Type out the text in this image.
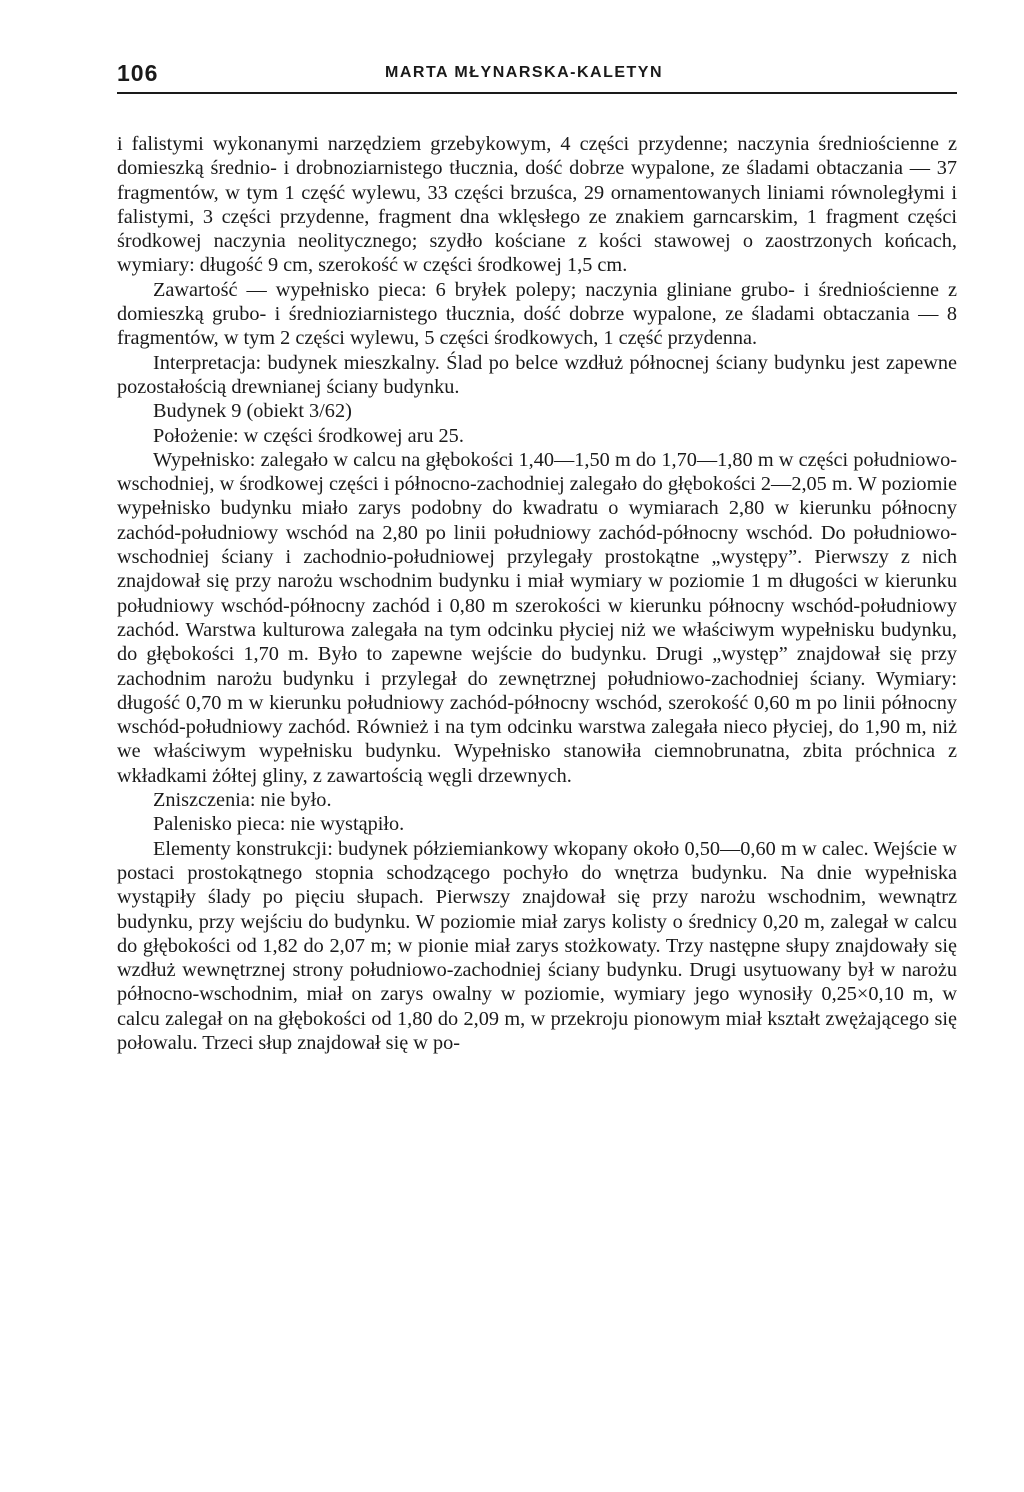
106	MARTA MŁYNARSKA-KALETYN

i falistymi wykonanymi narzędziem grzebykowym, 4 części przydenne; naczynia średniościenne z domieszką średnio- i drobnoziarnistego tłucznia, dość dobrze wypalone, ze śladami obtaczania — 37 fragmentów, w tym 1 część wylewu, 33 części brzuśca, 29 ornamentowanych liniami równoległymi i falistymi, 3 części przydenne, fragment dna wklęsłego ze znakiem garncarskim, 1 fragment części środkowej naczynia neolitycznego; szydło kościane z kości stawowej o zaostrzonych końcach, wymiary: długość 9 cm, szerokość w części środkowej 1,5 cm.

Zawartość — wypełnisko pieca: 6 bryłek polepy; naczynia gliniane grubo- i średniościenne z domieszką grubo- i średnioziarnistego tłucznia, dość dobrze wypalone, ze śladami obtaczania — 8 fragmentów, w tym 2 części wylewu, 5 części środkowych, 1 część przydenna.

Interpretacja: budynek mieszkalny. Ślad po belce wzdłuż północnej ściany budynku jest zapewne pozostałością drewnianej ściany budynku.

Budynek 9 (obiekt 3/62)

Położenie: w części środkowej aru 25.

Wypełnisko: zalegało w calcu na głębokości 1,40—1,50 m do 1,70—1,80 m w części południowo-wschodniej, w środkowej części i północno-zachodniej zalegało do głębokości 2—2,05 m. W poziomie wypełnisko budynku miało zarys podobny do kwadratu o wymiarach 2,80 w kierunku północny zachód-południowy wschód na 2,80 po linii południowy zachód-północny wschód. Do południowo-wschodniej ściany i zachodnio-południowej przylegały prostokątne „występy”. Pierwszy z nich znajdował się przy narożu wschodnim budynku i miał wymiary w poziomie 1 m długości w kierunku południowy wschód-północny zachód i 0,80 m szerokości w kierunku północny wschód-południowy zachód. Warstwa kulturowa zalegała na tym odcinku płyciej niż we właściwym wypełnisku budynku, do głębokości 1,70 m. Było to zapewne wejście do budynku. Drugi „występ” znajdował się przy zachodnim narożu budynku i przylegał do zewnętrznej południowo-zachodniej ściany. Wymiary: długość 0,70 m w kierunku południowy zachód-północny wschód, szerokość 0,60 m po linii północny wschód-południowy zachód. Również i na tym odcinku warstwa zalegała nieco płyciej, do 1,90 m, niż we właściwym wypełnisku budynku. Wypełnisko stanowiła ciemnobrunatna, zbita próchnica z wkładkami żółtej gliny, z zawartością węgli drzewnych.

Zniszczenia: nie było.

Palenisko pieca: nie wystąpiło.

Elementy konstrukcji: budynek półziemiankowy wkopany około 0,50—0,60 m w calec. Wejście w postaci prostokątnego stopnia schodzącego pochyło do wnętrza budynku. Na dnie wypełniska wystąpiły ślady po pięciu słupach. Pierwszy znajdował się przy narożu wschodnim, wewnątrz budynku, przy wejściu do budynku. W poziomie miał zarys kolisty o średnicy 0,20 m, zalegał w calcu do głębokości od 1,82 do 2,07 m; w pionie miał zarys stożkowaty. Trzy następne słupy znajdowały się wzdłuż wewnętrznej strony południowo-zachodniej ściany budynku. Drugi usytuowany był w narożu północno-wschodnim, miał on zarys owalny w poziomie, wymiary jego wynosiły 0,25×0,10 m, w calcu zalegał on na głębokości od 1,80 do 2,09 m, w przekroju pionowym miał kształt zwężającego się połowalu. Trzeci słup znajdował się w po-
